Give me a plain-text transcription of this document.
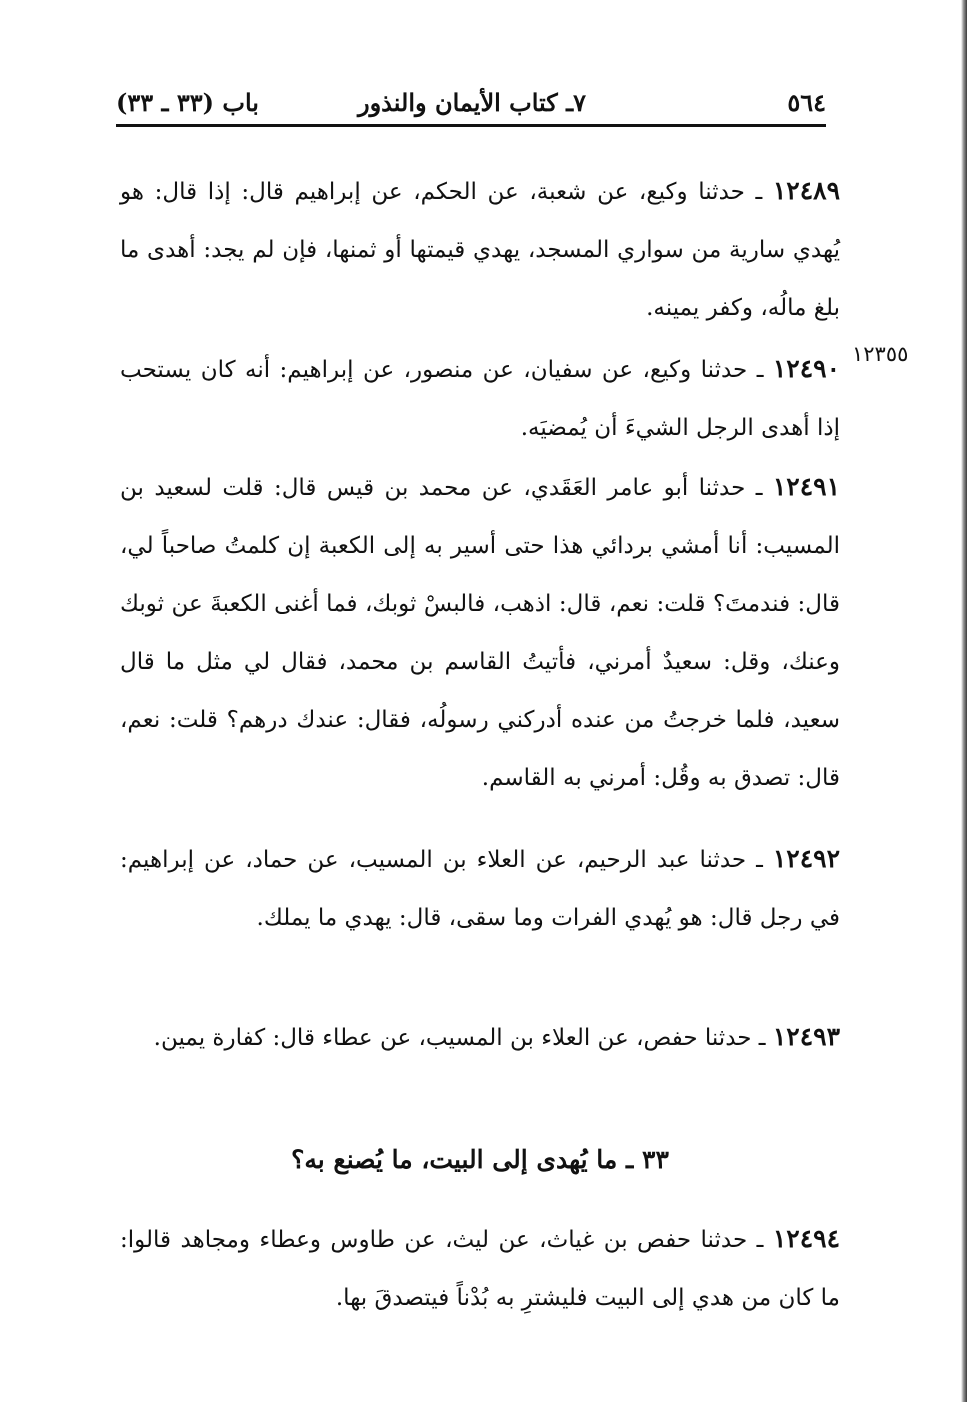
٥٦٤
٧ـ كتاب الأيمان والنذور
باب (٣٣ ـ ٣٣)
١٢٣٥٥

١٢٤٨٩ ـ حدثنا وكيع، عن شعبة، عن الحكم، عن إبراهيم قال: إذا قال: هو يُهدي سارية من سواري المسجد، يهدي قيمتها أو ثمنها، فإن لم يجد: أهدى ما بلغ مالُه، وكفر يمينه.

١٢٤٩٠ ـ حدثنا وكيع، عن سفيان، عن منصور، عن إبراهيم: أنه كان يستحب إذا أهدى الرجل الشيءَ أن يُمضيَه.

١٢٤٩١ ـ حدثنا أبو عامر العَقَدي، عن محمد بن قيس قال: قلت لسعيد بن المسيب: أنا أمشي بردائي هذا حتى أسير به إلى الكعبة إن كلمتُ صاحباً لي، قال: فندمتَ؟ قلت: نعم، قال: اذهب، فالبسْ ثوبك، فما أغنى الكعبةَ عن ثوبك وعنك، وقل: سعيدٌ أمرني، فأتيتُ القاسم بن محمد، فقال لي مثل ما قال سعيد، فلما خرجتُ من عنده أدركني رسولُه، فقال: عندك درهم؟ قلت: نعم، قال: تصدق به وقُل: أمرني به القاسم.

١٢٤٩٢ ـ حدثنا عبد الرحيم، عن العلاء بن المسيب، عن حماد، عن إبراهيم: في رجل قال: هو يُهدي الفرات وما سقى، قال: يهدي ما يملك.

١٢٤٩٣ ـ حدثنا حفص، عن العلاء بن المسيب، عن عطاء قال: كفارة يمين.

٣٣ ـ ما يُهدى إلى البيت، ما يُصنع به؟

١٢٤٩٤ ـ حدثنا حفص بن غياث، عن ليث، عن طاوس وعطاء ومجاهد قالوا: ما كان من هدي إلى البيت فليشترِ به بُدْناً فيتصدقَ بها.
